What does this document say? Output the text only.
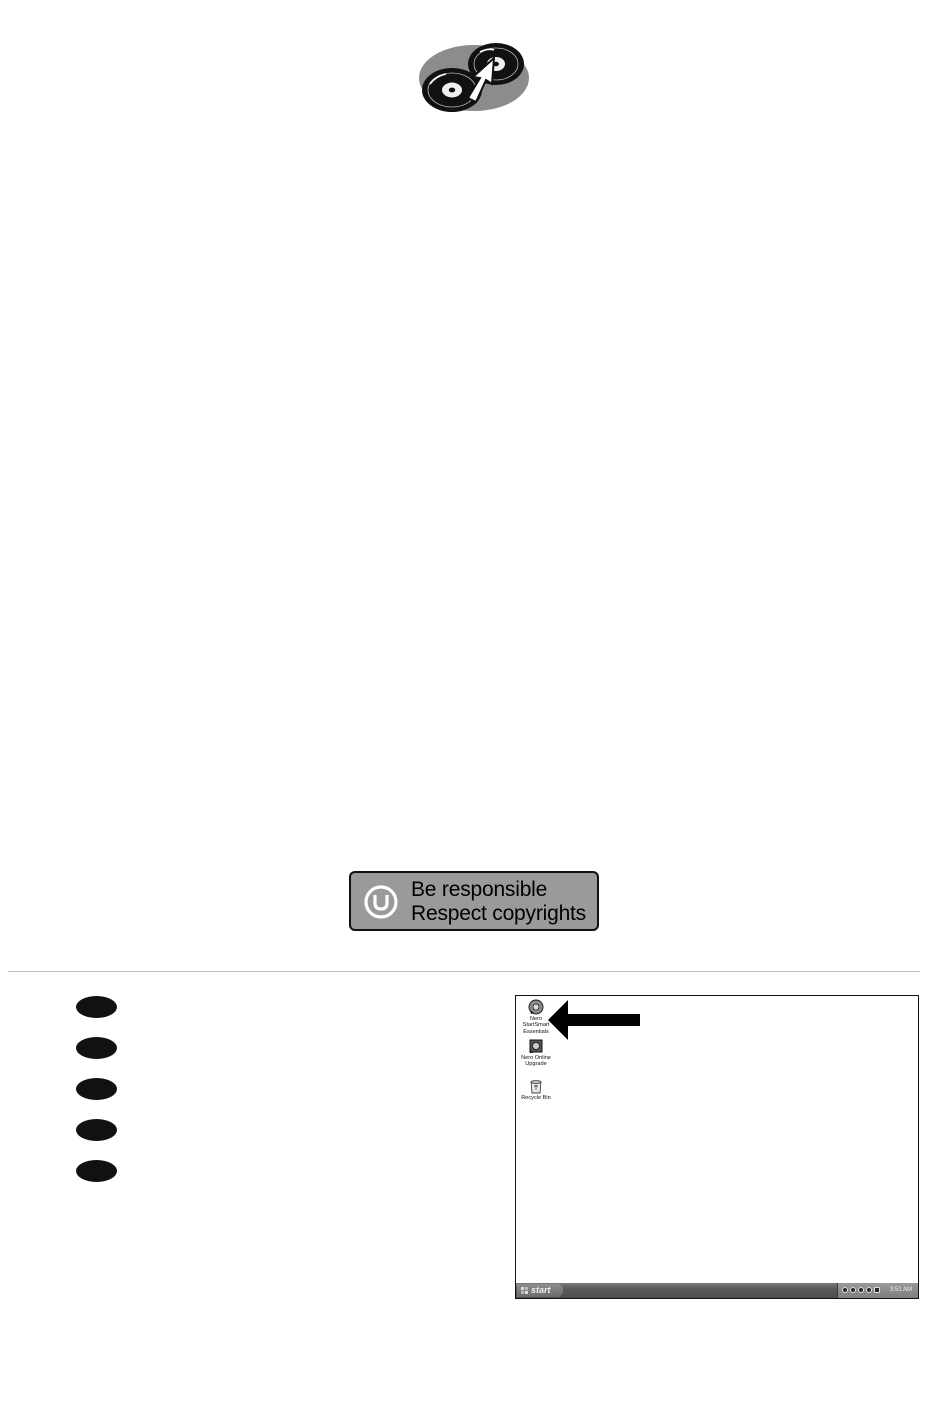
Be responsible
Respect copyrights
Nero
StartSmart
Essentials
Nero Online
Upgrade
Recycle Bin
start	3:51 AM
